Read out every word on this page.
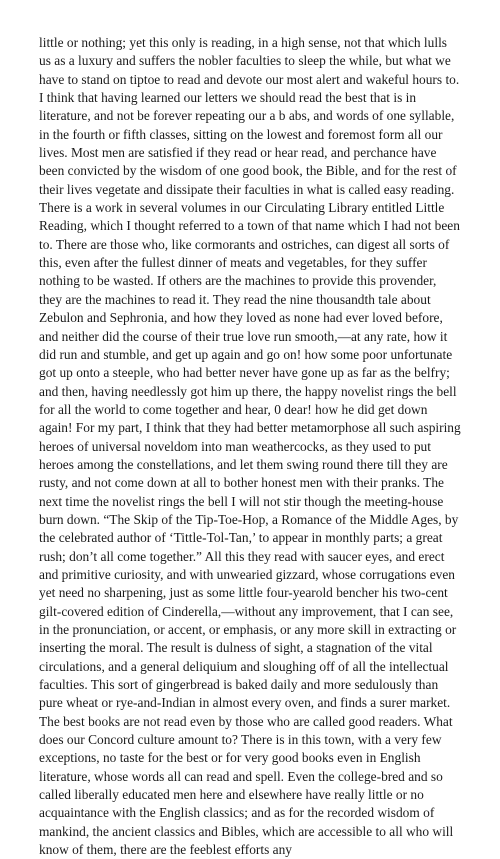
little or nothing; yet this only is reading, in a high sense, not that which lulls us as a luxury and suffers the nobler faculties to sleep the while, but what we have to stand on tiptoe to read and devote our most alert and wakeful hours to.

I think that having learned our letters we should read the best that is in literature, and not be forever repeating our a b abs, and words of one syllable, in the fourth or fifth classes, sitting on the lowest and foremost form all our lives. Most men are satisfied if they read or hear read, and perchance have been convicted by the wisdom of one good book, the Bible, and for the rest of their lives vegetate and dissipate their faculties in what is called easy reading. There is a work in several volumes in our Circulating Library entitled Little Reading, which I thought referred to a town of that name which I had not been to. There are those who, like cormorants and ostriches, can digest all sorts of this, even after the fullest dinner of meats and vegetables, for they suffer nothing to be wasted. If others are the machines to provide this provender, they are the machines to read it. They read the nine thousandth tale about Zebulon and Sephronia, and how they loved as none had ever loved before, and neither did the course of their true love run smooth,—at any rate, how it did run and stumble, and get up again and go on! how some poor unfortunate got up onto a steeple, who had better never have gone up as far as the belfry; and then, having needlessly got him up there, the happy novelist rings the bell for all the world to come together and hear, 0 dear! how he did get down again! For my part, I think that they had better metamorphose all such aspiring heroes of universal noveldom into man weathercocks, as they used to put heroes among the constellations, and let them swing round there till they are rusty, and not come down at all to bother honest men with their pranks. The next time the novelist rings the bell I will not stir though the meeting-house burn down. “The Skip of the Tip-Toe-Hop, a Romance of the Middle Ages, by the celebrated author of ‘Tittle-Tol-Tan,’ to appear in monthly parts; a great rush; don’t all come together.” All this they read with saucer eyes, and erect and primitive curiosity, and with unwearied gizzard, whose corrugations even yet need no sharpening, just as some little four-yearold bencher his two-cent gilt-covered edition of Cinderella,—without any improvement, that I can see, in the pronunciation, or accent, or emphasis, or any more skill in extracting or inserting the moral. The result is dulness of sight, a stagnation of the vital circulations, and a general deliquium and sloughing off of all the intellectual faculties. This sort of gingerbread is baked daily and more sedulously than pure wheat or rye-and-Indian in almost every oven, and finds a surer market.

The best books are not read even by those who are called good readers. What does our Concord culture amount to? There is in this town, with a very few exceptions, no taste for the best or for very good books even in English literature, whose words all can read and spell. Even the college-bred and so called liberally educated men here and elsewhere have really little or no acquaintance with the English classics; and as for the recorded wisdom of mankind, the ancient classics and Bibles, which are accessible to all who will know of them, there are the feeblest efforts any
